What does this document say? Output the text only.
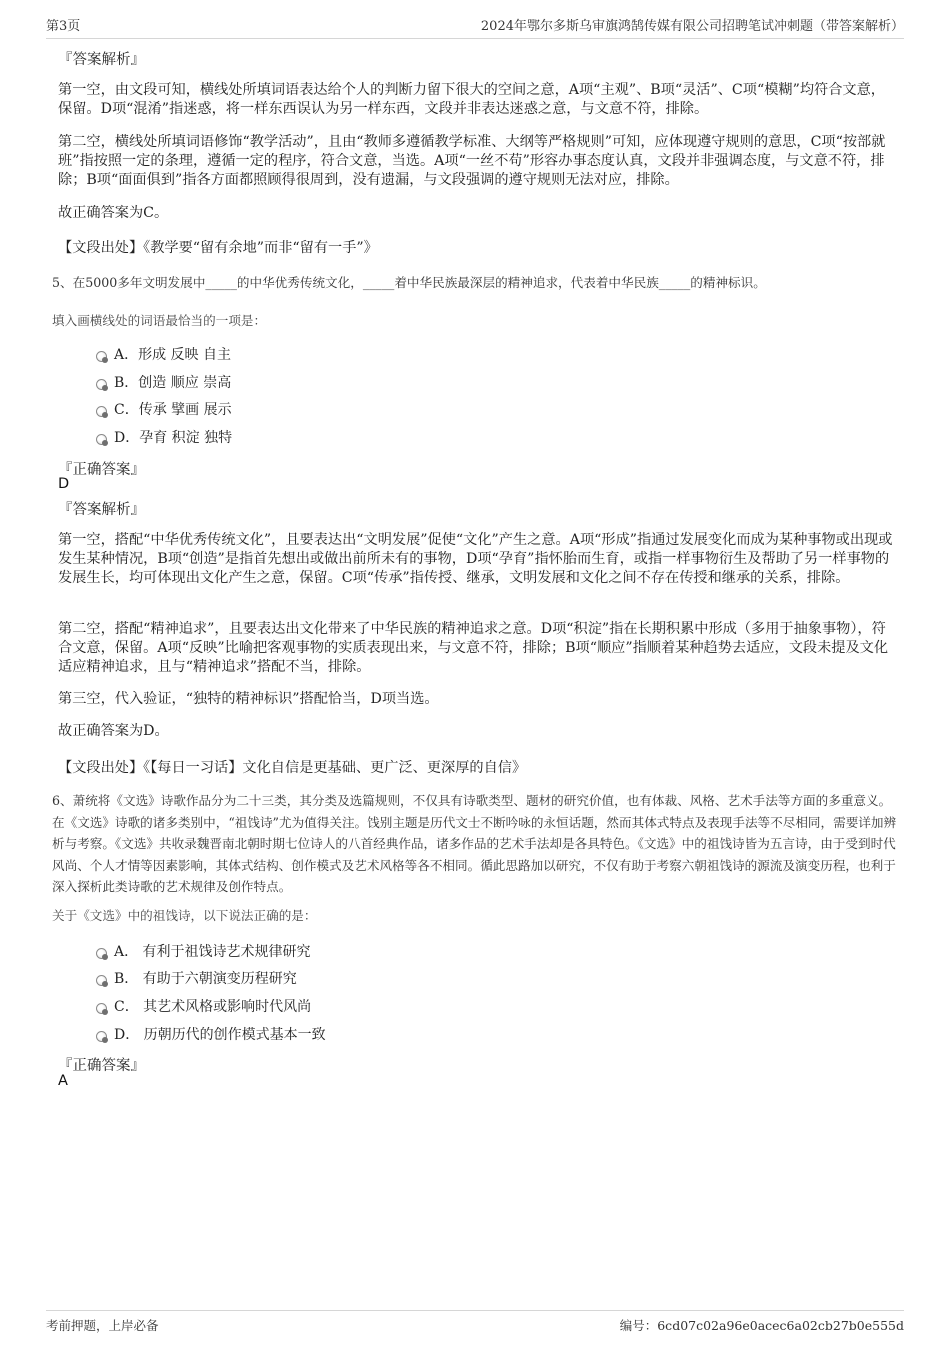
第3页	2024年鄂尔多斯乌审旗鸿鹄传媒有限公司招聘笔试冲刺题（带答案解析）
『答案解析』
第一空，由文段可知，横线处所填词语表达给个人的判断力留下很大的空间之意，A项“主观”、B项“灵活”、C项“模糊”均符合文意，保留。D项“混淆”指迷惑，将一样东西误认为另一样东西，文段并非表达迷惑之意，与文意不符，排除。
第二空，横线处所填词语修饰“教学活动”，且由“教师多遵循教学标准、大纲等严格规则”可知，应体现遵守规则的意思，C项“按部就班”指按照一定的条理，遵循一定的程序，符合文意，当选。A项“一丝不苟”形容办事态度认真，文段并非强调态度，与文意不符，排除；B项“面面俱到”指各方面都照顾得很周到，没有遗漏，与文段强调的遵守规则无法对应，排除。
故正确答案为C。
【文段出处】《教学要“留有余地”而非“留有一手”》
5、在5000多年文明发展中_____的中华优秀传统文化，_____着中华民族最深层的精神追求，代表着中华民族_____的精神标识。
填入画横线处的词语最恰当的一项是：
A．形成 反映 自主
B．创造 顺应 崇高
C．传承 擘画 展示
D．孕育 积淀 独特
『正确答案』
D
『答案解析』
第一空，搭配“中华优秀传统文化”，且要表达出“文明发展”促使“文化”产生之意。A项“形成”指通过发展变化而成为某种事物或出现或发生某种情况，B项“创造”是指首先想出或做出前所未有的事物，D项“孕育”指怀胎而生育，或指一样事物衍生及帮助了另一样事物的发展生长，均可体现出文化产生之意，保留。C项“传承”指传授、继承，文明发展和文化之间不存在传授和继承的关系，排除。
第二空，搭配“精神追求”，且要表达出文化带来了中华民族的精神追求之意。D项“积淀”指在长期积累中形成（多用于抽象事物），符合文意，保留。A项“反映”比喻把客观事物的实质表现出来，与文意不符，排除；B项“顺应”指顺着某种趋势去适应，文段未提及文化适应精神追求，且与“精神追求”搭配不当，排除。
第三空，代入验证，“独特的精神标识”搭配恰当，D项当选。
故正确答案为D。
【文段出处】《【每日一习话】文化自信是更基础、更广泛、更深厚的自信》
6、萧统将《文选》诗歌作品分为二十三类，其分类及选篇规则，不仅具有诗歌类型、题材的研究价值，也有体裁、风格、艺术手法等方面的多重意义。在《文选》诗歌的诸多类别中，“祖饯诗”尤为值得关注。饯别主题是历代文士不断吟咏的永恒话题，然而其体式特点及表现手法等不尽相同，需要详加辨析与考察。《文选》共收录魏晋南北朝时期七位诗人的八首经典作品，诸多作品的艺术手法却是各具特色。《文选》中的祖饯诗皆为五言诗，由于受到时代风尚、个人才情等因素影响，其体式结构、创作模式及艺术风格等各不相同。循此思路加以研究，不仅有助于考察六朝祖饯诗的源流及演变历程，也利于深入探析此类诗歌的艺术规律及创作特点。
关于《文选》中的祖饯诗，以下说法正确的是：
A． 有利于祖饯诗艺术规律研究
B． 有助于六朝演变历程研究
C． 其艺术风格或影响时代风尚
D． 历朝历代的创作模式基本一致
『正确答案』
A
考前押题，上岸必备	编号：6cd07c02a96e0acec6a02cb27b0e555d
